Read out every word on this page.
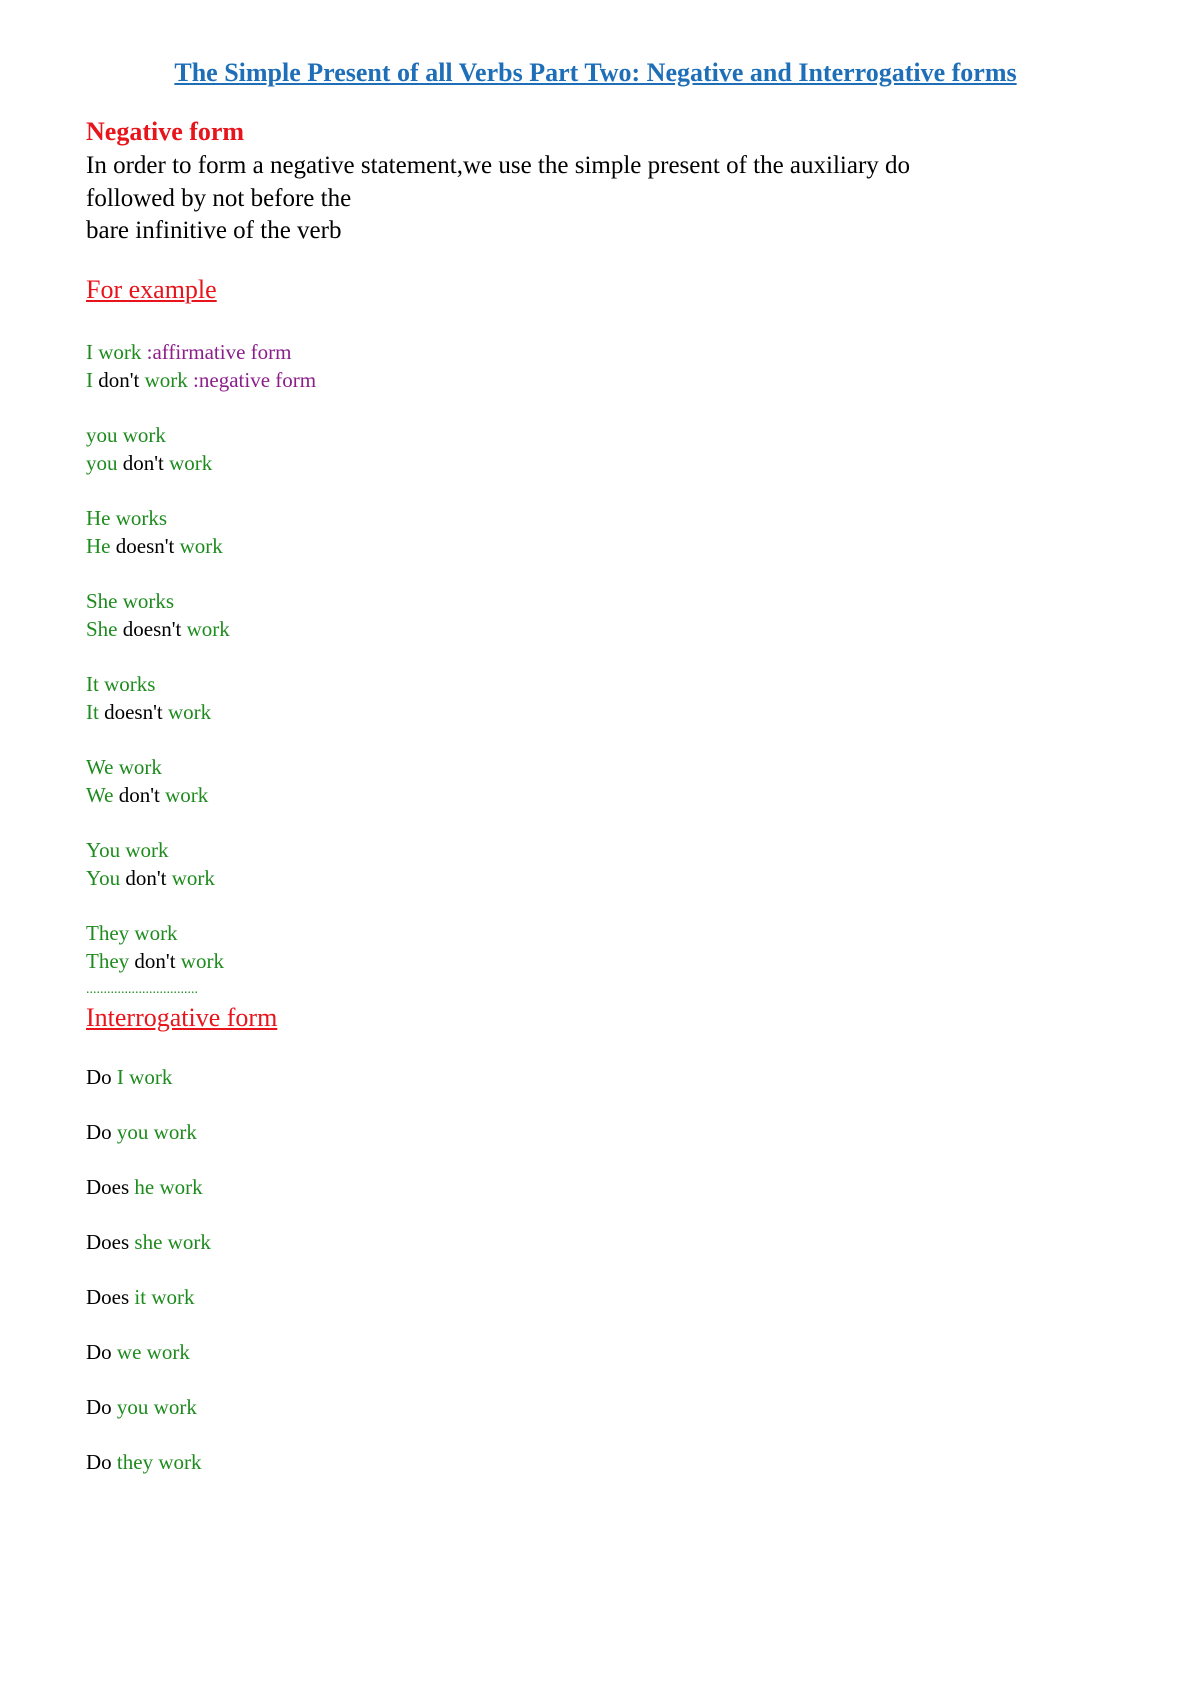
The Simple Present of all Verbs Part Two: Negative and Interrogative forms
Negative form
In order to form a negative statement,we use the simple present of the auxiliary do
followed by not before the
bare infinitive of the verb
For example
I work :affirmative form
I don't work :negative form
you work
you don't work
He works
He doesn't work
She works
She doesn't work
It works
It doesn't work
We work
We don't work
You work
You don't work
They work
They don't work
................................
Interrogative form
Do I work
Do you work
Does he work
Does she work
Does it work
Do we work
Do you work
Do they work
